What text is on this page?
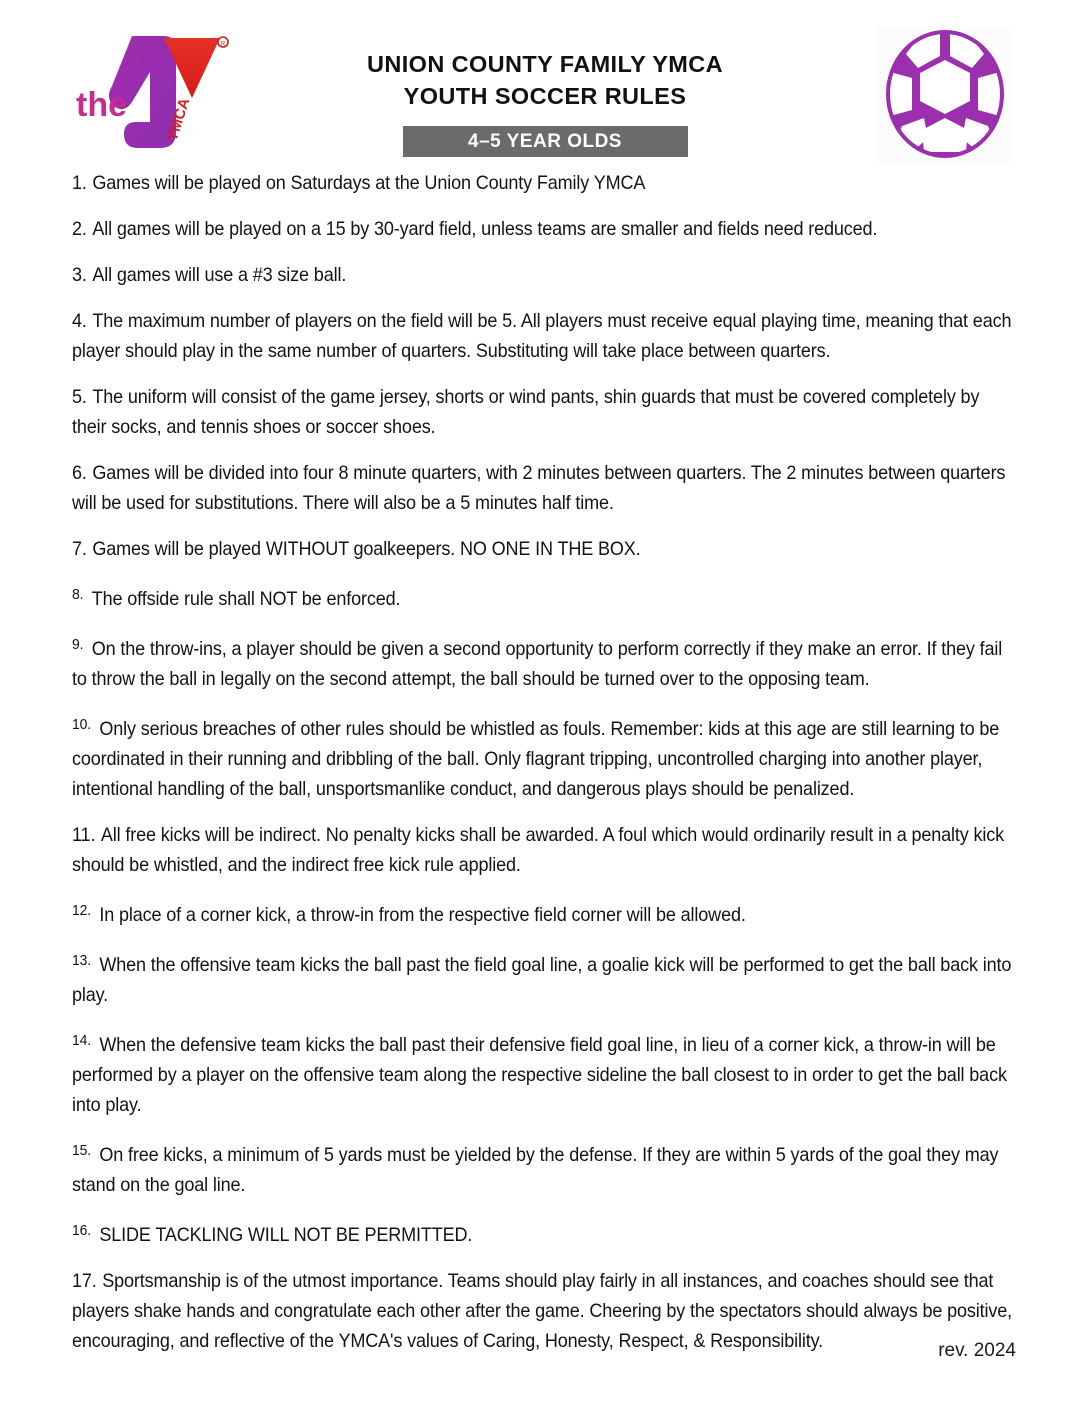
R
the YMCA
UNION COUNTY FAMILY YMCA
YOUTH SOCCER RULES
4–5 YEAR OLDS
1. Games will be played on Saturdays at the Union County Family YMCA
2. All games will be played on a 15 by 30-yard field, unless teams are smaller and fields need reduced.
3. All games will use a #3 size ball.
4. The maximum number of players on the field will be 5. All players must receive equal playing time, meaning that each player should play in the same number of quarters. Substituting will take place between quarters.
5. The uniform will consist of the game jersey, shorts or wind pants, shin guards that must be covered completely by their socks, and tennis shoes or soccer shoes.
6. Games will be divided into four 8 minute quarters, with 2 minutes between quarters. The 2 minutes between quarters will be used for substitutions. There will also be a 5 minutes half time.
7. Games will be played WITHOUT goalkeepers. NO ONE IN THE BOX.
$^{8.}$ The offside rule shall NOT be enforced.
$^{9.}$ On the throw-ins, a player should be given a second opportunity to perform correctly if they make an error. If they fail to throw the ball in legally on the second attempt, the ball should be turned over to the opposing team.
$^{10.}$ Only serious breaches of other rules should be whistled as fouls. Remember: kids at this age are still learning to be coordinated in their running and dribbling of the ball. Only flagrant tripping, uncontrolled charging into another player, intentional handling of the ball, unsportsmanlike conduct, and dangerous plays should be penalized.
11. All free kicks will be indirect. No penalty kicks shall be awarded. A foul which would ordinarily result in a penalty kick should be whistled, and the indirect free kick rule applied.
$^{12.}$ In place of a corner kick, a throw-in from the respective field corner will be allowed.
$^{13.}$ When the offensive team kicks the ball past the field goal line, a goalie kick will be performed to get the ball back into play.
$^{14.}$ When the defensive team kicks the ball past their defensive field goal line, in lieu of a corner kick, a throw-in will be performed by a player on the offensive team along the respective sideline the ball closest to in order to get the ball back into play.
$^{15.}$ On free kicks, a minimum of 5 yards must be yielded by the defense. If they are within 5 yards of the goal they may stand on the goal line.
$^{16.}$ SLIDE TACKLING WILL NOT BE PERMITTED.
17. Sportsmanship is of the utmost importance. Teams should play fairly in all instances, and coaches should see that players shake hands and congratulate each other after the game. Cheering by the spectators should always be positive, encouraging, and reflective of the YMCA's values of Caring, Honesty, Respect, & Responsibility.	rev. 2024
